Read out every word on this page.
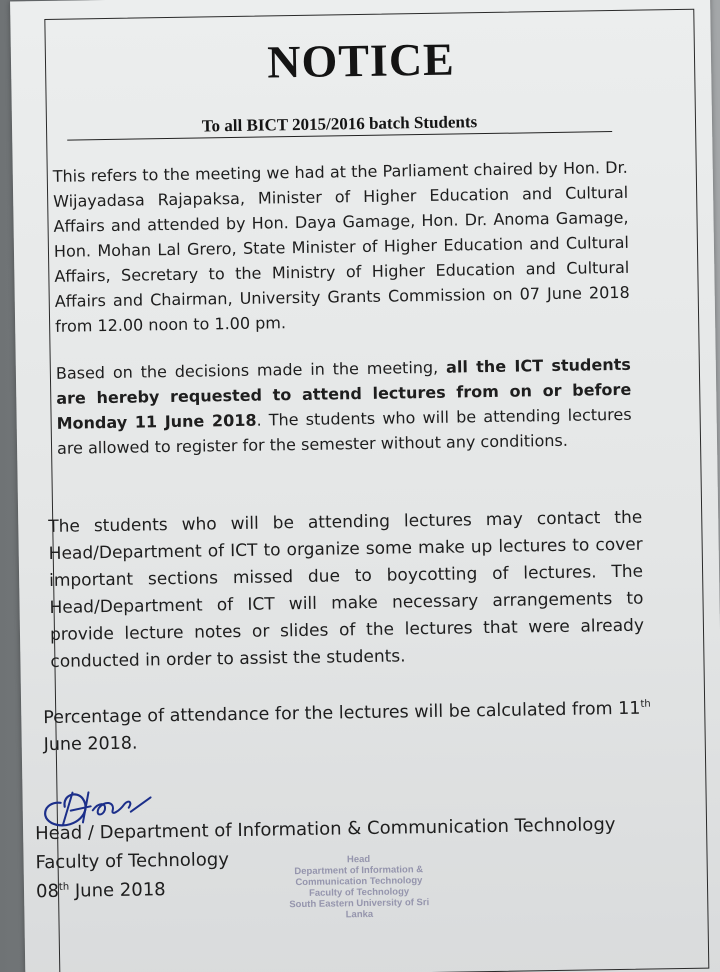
NOTICE
To all BICT 2015/2016 batch Students
This refers to the meeting we had at the Parliament chaired by Hon. Dr. Wijayadasa Rajapaksa, Minister of Higher Education and Cultural Affairs and attended by Hon. Daya Gamage, Hon. Dr. Anoma Gamage, Hon. Mohan Lal Grero, State Minister of Higher Education and Cultural Affairs, Secretary to the Ministry of Higher Education and Cultural Affairs and Chairman, University Grants Commission on 07 June 2018 from 12.00 noon to 1.00 pm.
Based on the decisions made in the meeting, all the ICT students are hereby requested to attend lectures from on or before Monday 11 June 2018. The students who will be attending lectures are allowed to register for the semester without any conditions.
The students who will be attending lectures may contact the Head/Department of ICT to organize some make up lectures to cover important sections missed due to boycotting of lectures. The Head/Department of ICT will make necessary arrangements to provide lecture notes or slides of the lectures that were already conducted in order to assist the students.
Percentage of attendance for the lectures will be calculated from 11th June 2018.
Head / Department of Information & Communication Technology
Faculty of Technology
08th June 2018
Head
Department of Information &
Communication Technology
Faculty of Technology
South Eastern University of Sri Lanka
